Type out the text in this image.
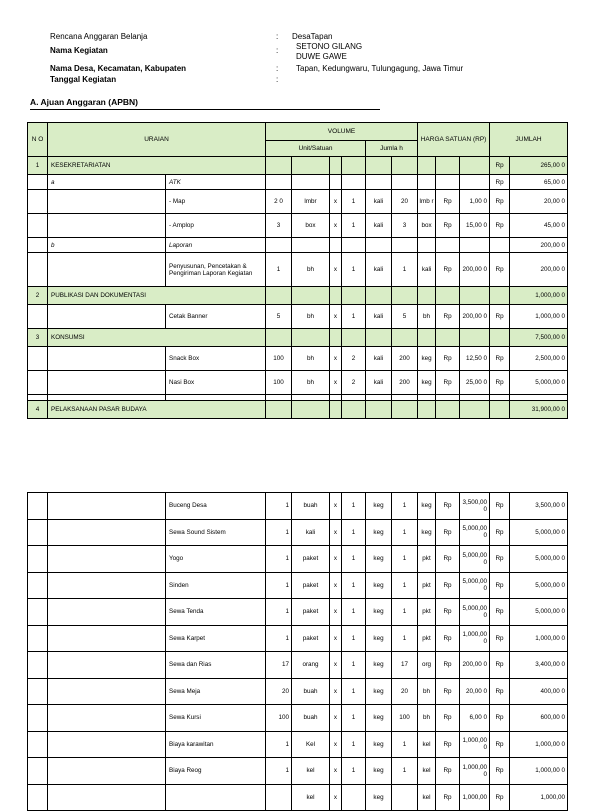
Rencana Anggaran Belanja	: DesaTapan
Nama Kegiatan	:	SETONO GILANG DUWE GAWE
Nama Desa, Kecamatan, Kabupaten	:	Tapan, Kedungwaru, Tulungagung, Jawa Timur
Tanggal Kegiatan	:
A. Ajuan Anggaran (APBN)
N O	URAIAN		VOLUME						HARGA SATUAN (RP)			JUMLAH	
			Unit/Satuan				Jumla h						
1	KESEKRETARIATAN											Rp	265,00 0
	a	ATK										Rp	65,00 0
		- Map	2 0	lmbr	x	1	kali	20	lmb r	Rp	1,00 0	Rp	20,00 0
		- Amplop	3	box	x	1	kali	3	box	Rp	15,00 0	Rp	45,00 0
	b	Laporan											200,00 0
		Penyusunan, Pencetakan & Pengiriman Laporan Kegiatan	1	bh	x	1	kali	1	kali	Rp	200,00 0	Rp	200,00 0
2	PUBLIKASI DAN DOKUMENTASI												1,000,00 0
		Cetak Banner	5	bh	x	1	kali	5	bh	Rp	200,00 0	Rp	1,000,00 0
3	KONSUMSI												7,500,00 0
		Snack Box	100	bh	x	2	kali	200	keg	Rp	12,50 0	Rp	2,500,00 0
		Nasi Box	100	bh	x	2	kali	200	keg	Rp	25,00 0	Rp	5,000,00 0

4	PELAKSANAAN PASAR BUDAYA												31,900,00 0
		Buceng Desa	1	buah	x	1	keg	1	keg	Rp	3,500,00 0	Rp	3,500,00 0
		Sewa Sound Sistem	1	kali	x	1	keg	1	keg	Rp	5,000,00 0	Rp	5,000,00 0
		Yogo	1	paket	x	1	keg	1	pkt	Rp	5,000,00 0	Rp	5,000,00 0
		Sinden	1	paket	x	1	keg	1	pkt	Rp	5,000,00 0	Rp	5,000,00 0
		Sewa Tenda	1	paket	x	1	keg	1	pkt	Rp	5,000,00 0	Rp	5,000,00 0
		Sewa Karpet	1	paket	x	1	keg	1	pkt	Rp	1,000,00 0	Rp	1,000,00 0
		Sewa dan Rias	17	orang	x	1	keg	17	org	Rp	200,00 0	Rp	3,400,00 0
		Sewa Meja	20	buah	x	1	keg	20	bh	Rp	20,00 0	Rp	400,00 0
		Sewa Kursi	100	buah	x	1	keg	100	bh	Rp	6,00 0	Rp	600,00 0
		Biaya karawitan	1	Kel	x	1	keg	1	kel	Rp	1,000,00 0	Rp	1,000,00 0
		Biaya Reog	1	kel	x	1	keg	1	kel	Rp	1,000,00 0	Rp	1,000,00 0
				kel	x		keg		kel	Rp	1,000,00	Rp	1,000,00
